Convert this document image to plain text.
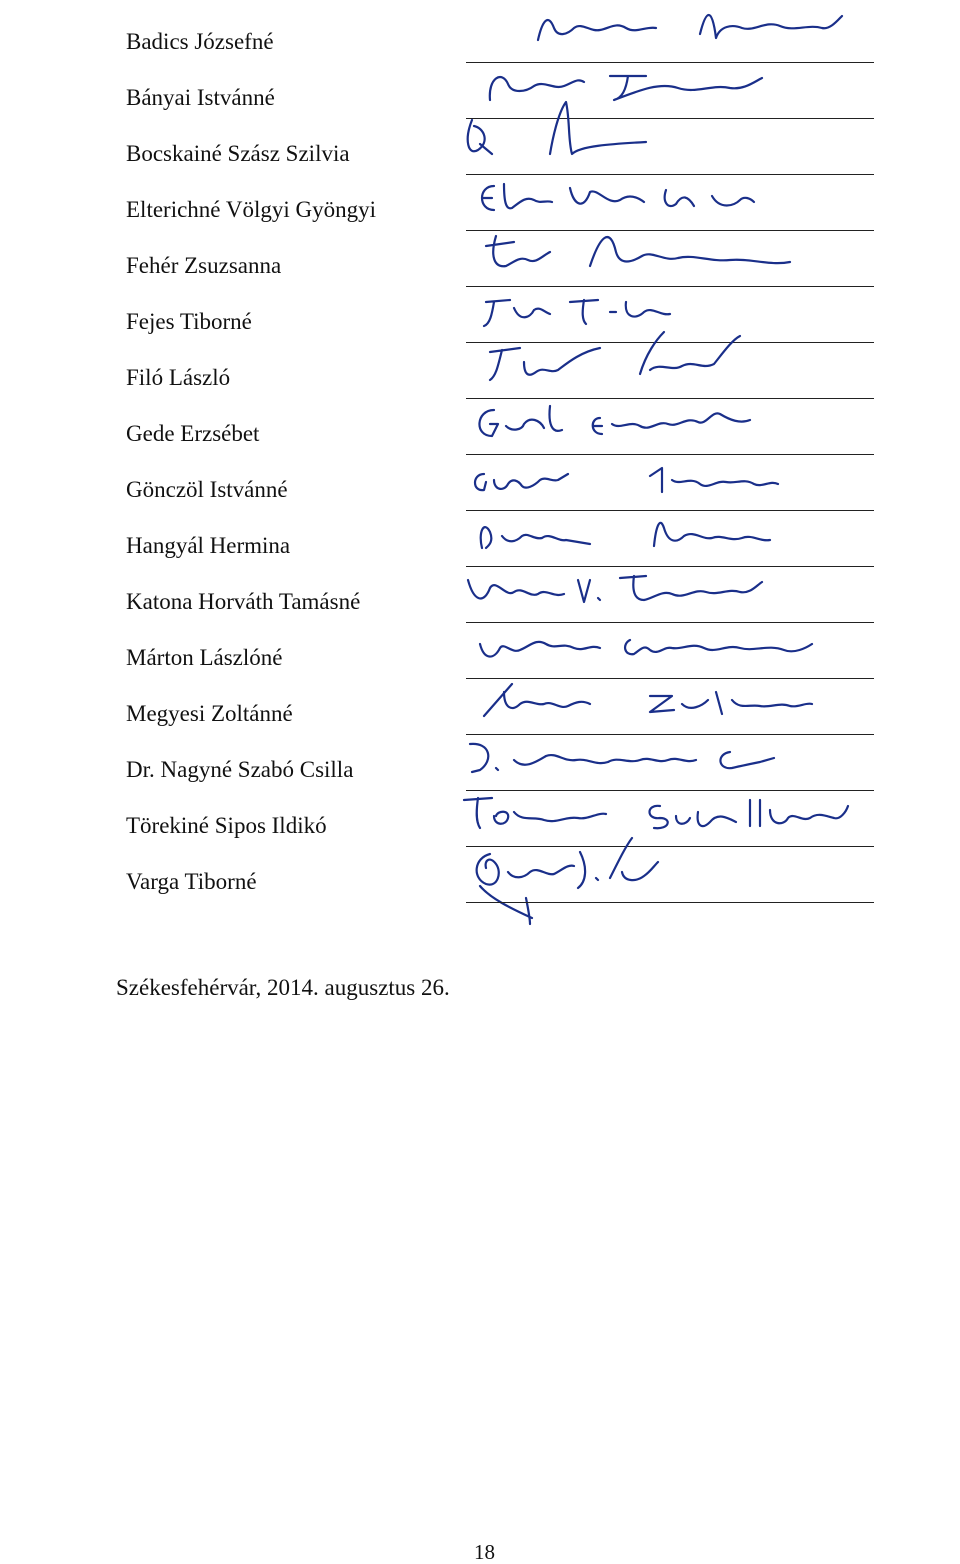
Badics Józsefné
Bányai Istvánné
Bocskainé Szász Szilvia
Elterichné Völgyi Gyöngyi
Fehér Zsuzsanna
Fejes Tiborné
Filó László
Gede Erzsébet
Gönczöl Istvánné
Hangyál Hermina
Katona Horváth Tamásné
Márton Lászlóné
Megyesi Zoltánné
Dr. Nagyné Szabó Csilla
Törekiné Sipos Ildikó
Varga Tiborné
Székesfehérvár, 2014. augusztus 26.
18
